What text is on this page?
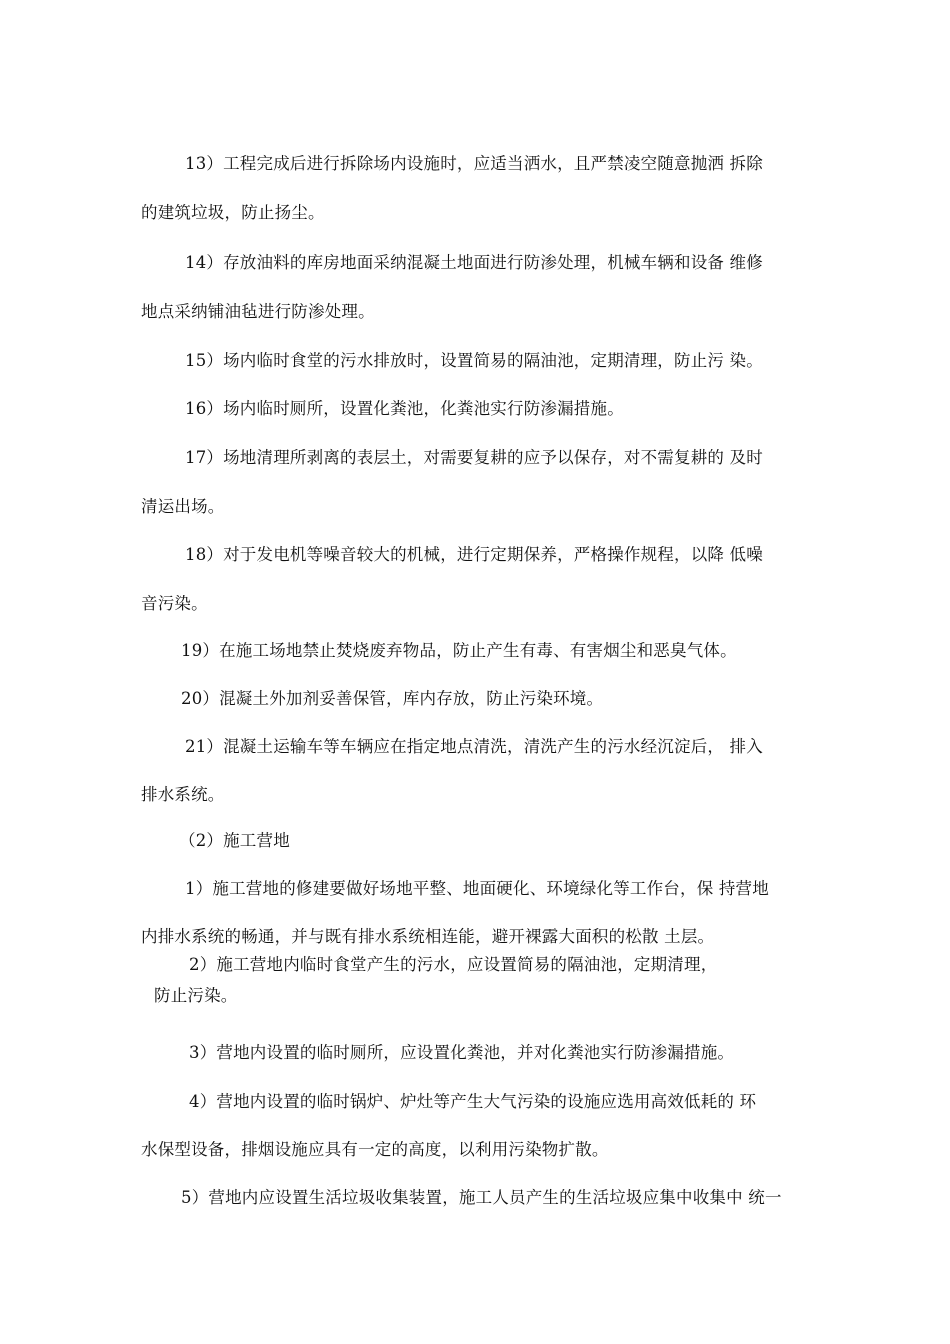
13）工程完成后进行拆除场内设施时，应适当洒水，且严禁凌空随意抛洒 拆除
的建筑垃圾，防止扬尘。
14）存放油料的库房地面采纳混凝土地面进行防渗处理，机械车辆和设备 维修
地点采纳铺油毡进行防渗处理。
15）场内临时食堂的污水排放时，设置简易的隔油池，定期清理，防止污 染。
16）场内临时厕所，设置化粪池，化粪池实行防渗漏措施。
17）场地清理所剥离的表层土，对需要复耕的应予以保存，对不需复耕的 及时
清运出场。
18）对于发电机等噪音较大的机械，进行定期保养，严格操作规程，以降 低噪
音污染。
19）在施工场地禁止焚烧废弃物品，防止产生有毒、有害烟尘和恶臭气体。
20）混凝土外加剂妥善保管，库内存放，防止污染环境。
21）混凝土运输车等车辆应在指定地点清洗，清洗产生的污水经沉淀后， 排入
排水系统。
（2）施工营地
1）施工营地的修建要做好场地平整、地面硬化、环境绿化等工作台，保 持营地
内排水系统的畅通，并与既有排水系统相连能，避开裸露大面积的松散 土层。
2）施工营地内临时食堂产生的污水，应设置简易的隔油池，定期清理，
防止污染。
3）营地内设置的临时厕所，应设置化粪池，并对化粪池实行防渗漏措施。
4）营地内设置的临时锅炉、炉灶等产生大气污染的设施应选用高效低耗的 环
水保型设备，排烟设施应具有一定的高度，以利用污染物扩散。
5）营地内应设置生活垃圾收集装置，施工人员产生的生活垃圾应集中收集中 统一
